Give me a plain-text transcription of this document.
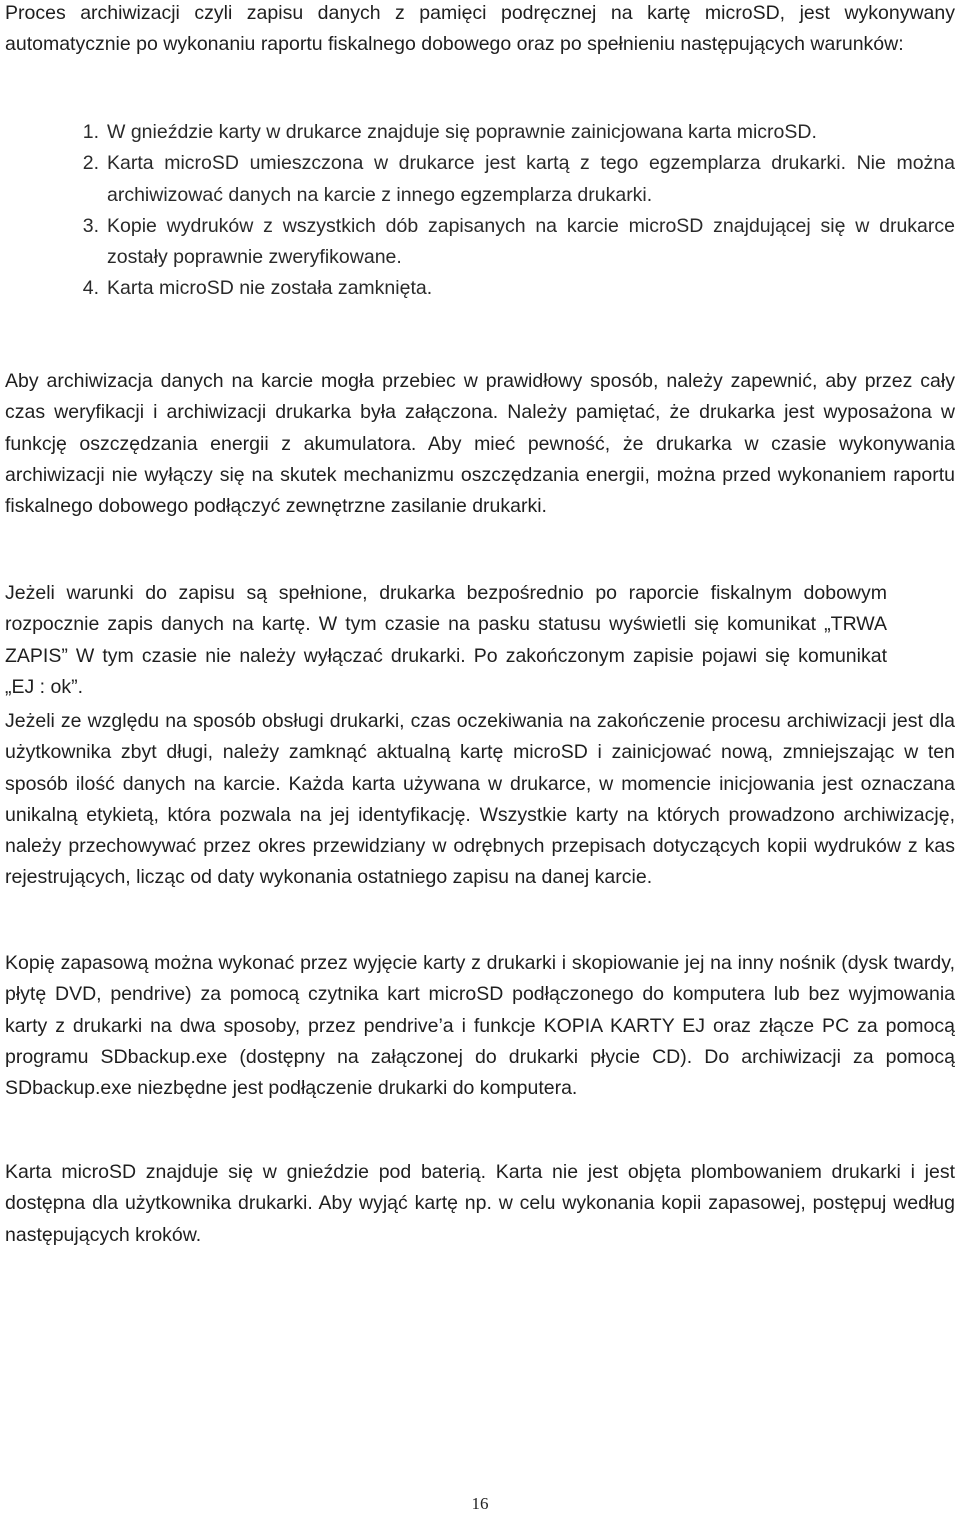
Proces archiwizacji czyli zapisu danych z pamięci podręcznej na kartę microSD, jest wykonywany automatycznie po wykonaniu raportu fiskalnego dobowego oraz po spełnieniu następujących warunków:

1. W gnieździe karty w drukarce znajduje się poprawnie zainicjowana karta microSD.
2. Karta microSD umieszczona w drukarce jest kartą z tego egzemplarza drukarki. Nie można archiwizować danych na karcie z innego egzemplarza drukarki.
3. Kopie wydruków z wszystkich dób zapisanych na karcie microSD znajdującej się w drukarce zostały poprawnie zweryfikowane.
4. Karta microSD nie została zamknięta.

Aby archiwizacja danych na karcie mogła przebiec w prawidłowy sposób, należy zapewnić, aby przez cały czas weryfikacji i archiwizacji drukarka była załączona. Należy pamiętać, że drukarka jest wyposażona w funkcję oszczędzania energii z akumulatora. Aby mieć pewność, że drukarka w czasie wykonywania archiwizacji nie wyłączy się na skutek mechanizmu oszczędzania energii, można przed wykonaniem raportu fiskalnego dobowego podłączyć zewnętrzne zasilanie drukarki.

Jeżeli warunki do zapisu są spełnione, drukarka bezpośrednio po raporcie fiskalnym dobowym rozpocznie zapis danych na kartę. W tym czasie na pasku statusu wyświetli się komunikat „TRWA ZAPIS” W tym czasie nie należy wyłączać drukarki. Po zakończonym zapisie pojawi się komunikat „EJ : ok”.

Jeżeli ze względu na sposób obsługi drukarki, czas oczekiwania na zakończenie procesu archiwizacji jest dla użytkownika zbyt długi, należy zamknąć aktualną kartę microSD i zainicjować nową, zmniejszając w ten sposób ilość danych na karcie. Każda karta używana w drukarce, w momencie inicjowania jest oznaczana unikalną etykietą, która pozwala na jej identyfikację. Wszystkie karty na których prowadzono archiwizację, należy przechowywać przez okres przewidziany w odrębnych przepisach dotyczących kopii wydruków z kas rejestrujących, licząc od daty wykonania ostatniego zapisu na danej karcie.

Kopię zapasową można wykonać przez wyjęcie karty z drukarki i skopiowanie jej na inny nośnik (dysk twardy, płytę DVD, pendrive) za pomocą czytnika kart microSD podłączonego do komputera lub bez wyjmowania karty z drukarki na dwa sposoby, przez pendrive’a i funkcje KOPIA KARTY EJ oraz złącze PC za pomocą programu SDbackup.exe (dostępny na załączonej do drukarki płycie CD). Do archiwizacji za pomocą SDbackup.exe niezbędne jest podłączenie drukarki do komputera.

Karta microSD znajduje się w gnieździe pod baterią. Karta nie jest objęta plombowaniem drukarki i jest dostępna dla użytkownika drukarki. Aby wyjąć kartę np. w celu wykonania kopii zapasowej, postępuj według następujących kroków.

16
